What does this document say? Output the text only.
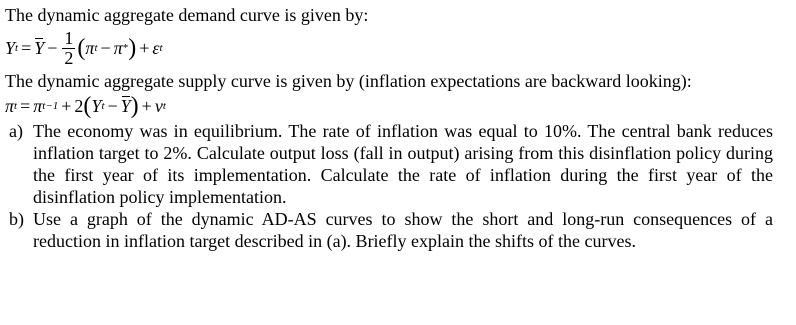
The dynamic aggregate demand curve is given by:

Y $t = Y - \frac{1}{2}$ ( π t − π * ) + ε t

The dynamic aggregate supply curve is given by (inflation expectations are backward looking):

π t = π t−1 + 2 ( Y t − Y ) + ν t
a) The economy was in equilibrium. The rate of inflation was equal to 10%. The central bank reduces inflation target to 2%. Calculate output loss (fall in output) arising from this disinflation policy during the first year of its implementation. Calculate the rate of inflation during the first year of the disinflation policy implementation.
b) Use a graph of the dynamic AD-AS curves to show the short and long-run consequences of a reduction in inflation target described in (a). Briefly explain the shifts of the curves.
